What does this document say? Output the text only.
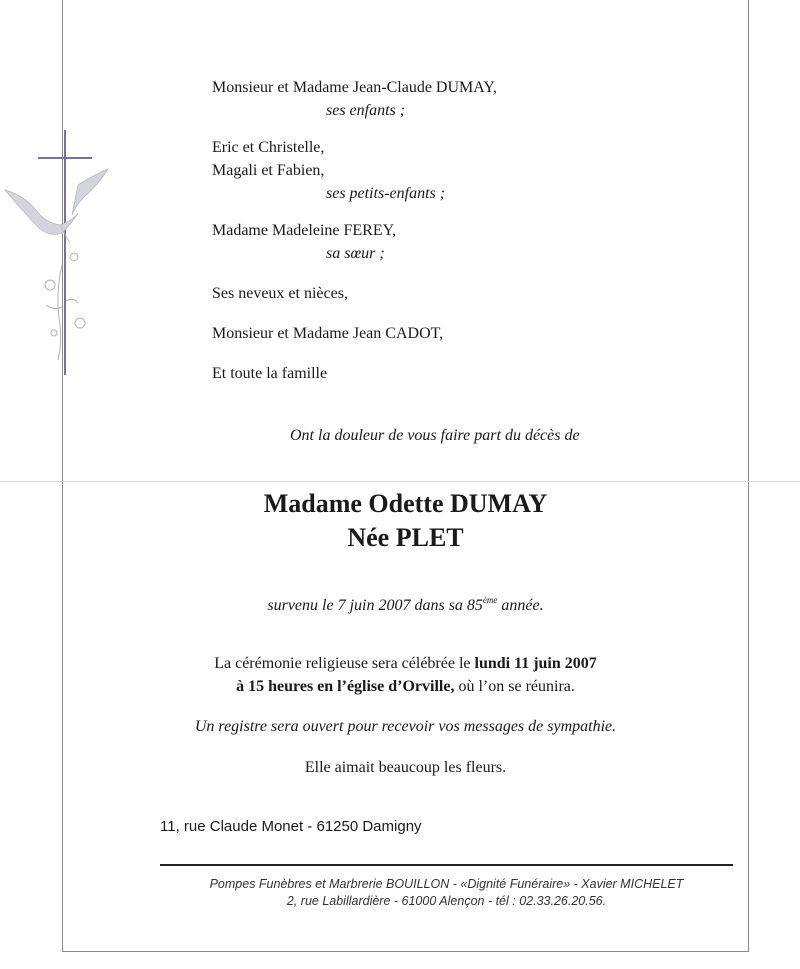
Monsieur et Madame Jean-Claude DUMAY,
ses enfants ;
Eric et Christelle,
Magali et Fabien,
ses petits-enfants ;
Madame Madeleine FEREY,
sa sœur ;
Ses neveux et nièces,
Monsieur et Madame Jean CADOT,
Et toute la famille
Ont la douleur de vous faire part du décès de
Madame Odette DUMAY
Née PLET
survenu le 7 juin 2007 dans sa 85ème année.
La cérémonie religieuse sera célébrée le lundi 11 juin 2007
à 15 heures en l’église d’Orville, où l’on se réunira.
Un registre sera ouvert pour recevoir vos messages de sympathie.
Elle aimait beaucoup les fleurs.
11, rue Claude Monet - 61250 Damigny
Pompes Funèbres et Marbrerie BOUILLON - «Dignité Funéraire» - Xavier MICHELET
2, rue Labillardière - 61000 Alençon - tél : 02.33.26.20.56.
